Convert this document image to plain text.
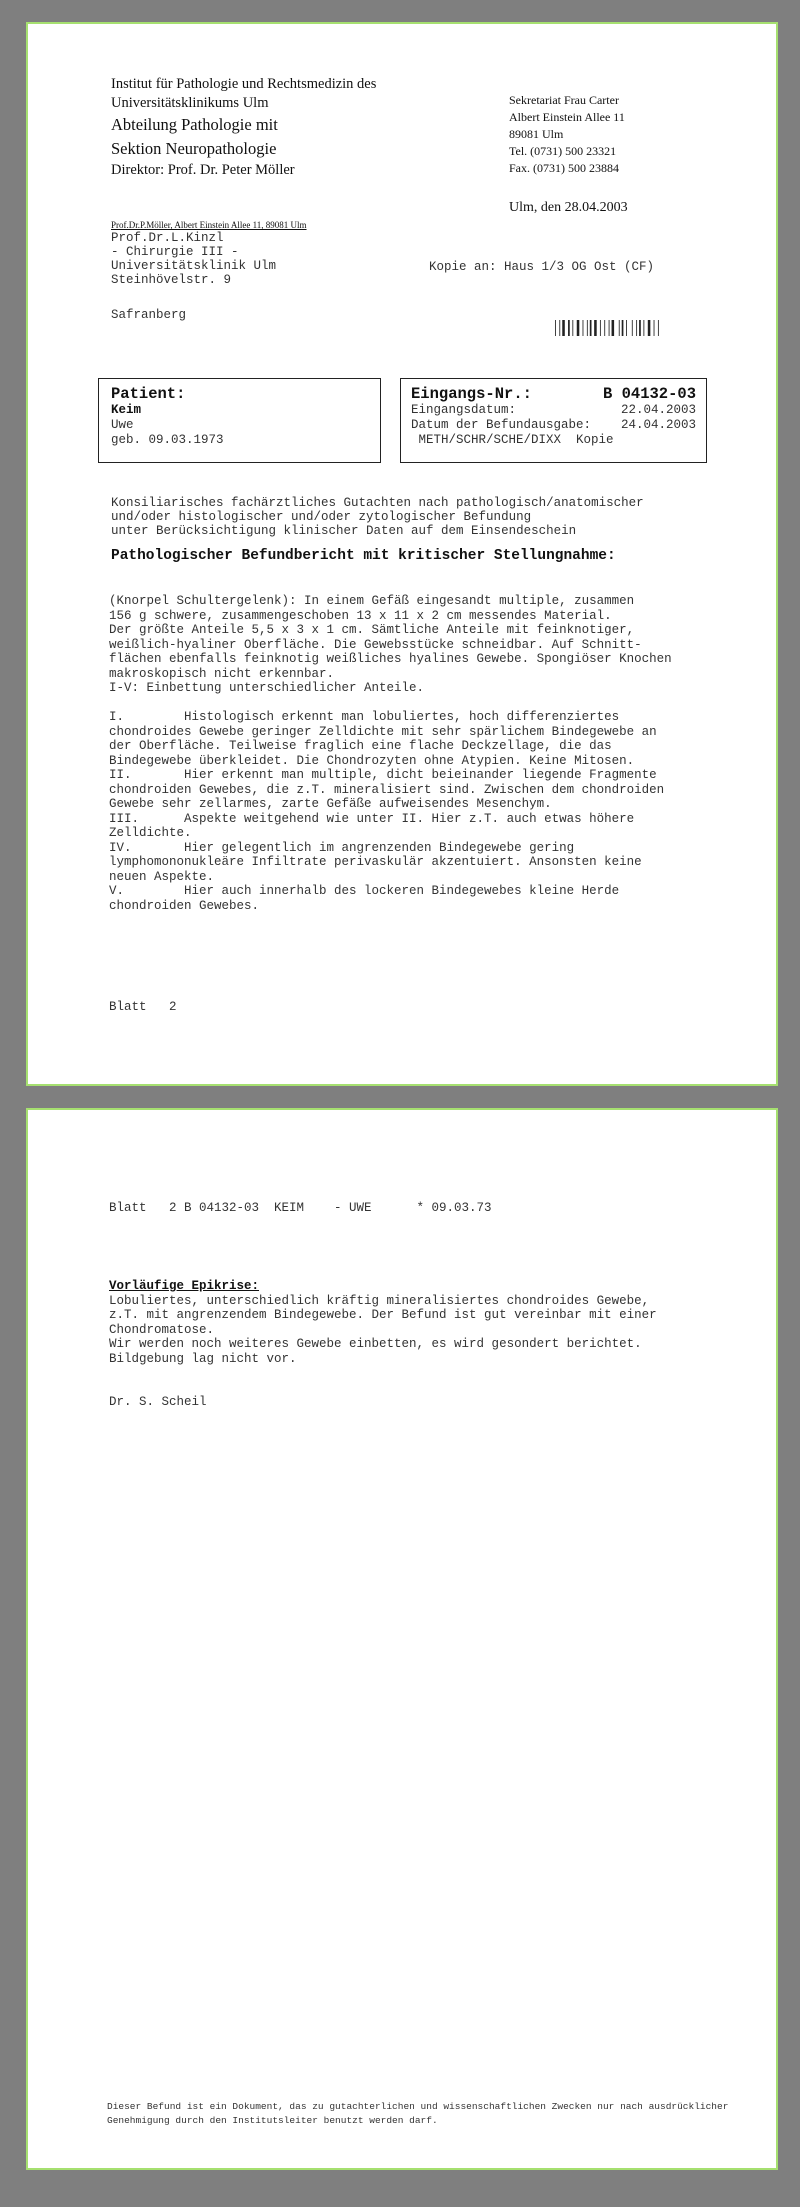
Institut für Pathologie und Rechtsmedizin des
Universitätsklinikums Ulm
Abteilung Pathologie mit
Sektion Neuropathologie
Direktor: Prof. Dr. Peter Möller
Sekretariat Frau Carter
Albert Einstein Allee 11
89081 Ulm
Tel. (0731) 500 23321
Fax. (0731) 500 23884
Ulm, den 28.04.2003
Prof.Dr.P.Möller, Albert Einstein Allee 11, 89081 Ulm
Prof.Dr.L.Kinzl
- Chirurgie III -
Universitätsklinik Ulm
Steinhövelstr. 9
Kopie an: Haus 1/3 OG Ost (CF)
Safranberg
Patient:
Keim
Uwe
geb. 09.03.1973
Eingangs-Nr.:	B 04132-03
Eingangsdatum:	22.04.2003
Datum der Befundausgabe: 24.04.2003
METH/SCHR/SCHE/DIXX  Kopie
Konsiliarisches fachärztliches Gutachten nach pathologisch/anatomischer
und/oder histologischer und/oder zytologischer Befundung
unter Berücksichtigung klinischer Daten auf dem Einsendeschein
Pathologischer Befundbericht mit kritischer Stellungnahme:
(Knorpel Schultergelenk): In einem Gefäß eingesandt multiple, zusammen
156 g schwere, zusammengeschoben 13 x 11 x 2 cm messendes Material.
Der größte Anteile 5,5 x 3 x 1 cm. Sämtliche Anteile mit feinknotiger,
weißlich-hyaliner Oberfläche. Die Gewebsstücke schneidbar. Auf Schnitt-
flächen ebenfalls feinknotig weißliches hyalines Gewebe. Spongiöser Knochen
makroskopisch nicht erkennbar.
I-V: Einbettung unterschiedlicher Anteile.

I.        Histologisch erkennt man lobuliertes, hoch differenziertes
chondroides Gewebe geringer Zelldichte mit sehr spärlichem Bindegewebe an
der Oberfläche. Teilweise fraglich eine flache Deckzellage, die das
Bindegewebe überkleidet. Die Chondrozyten ohne Atypien. Keine Mitosen.
II.       Hier erkennt man multiple, dicht beieinander liegende Fragmente
chondroiden Gewebes, die z.T. mineralisiert sind. Zwischen dem chondroiden
Gewebe sehr zellarmes, zarte Gefäße aufweisendes Mesenchym.
III.      Aspekte weitgehend wie unter II. Hier z.T. auch etwas höhere
Zelldichte.
IV.       Hier gelegentlich im angrenzenden Bindegewebe gering
lymphomononukleäre Infiltrate perivaskulär akzentuiert. Ansonsten keine
neuen Aspekte.
V.        Hier auch innerhalb des lockeren Bindegewebes kleine Herde
chondroiden Gewebes.
Blatt   2
Blatt   2 B 04132-03  KEIM    - UWE      * 09.03.73
Vorläufige Epikrise:
Lobuliertes, unterschiedlich kräftig mineralisiertes chondroides Gewebe,
z.T. mit angrenzendem Bindegewebe. Der Befund ist gut vereinbar mit einer
Chondromatose.
Wir werden noch weiteres Gewebe einbetten, es wird gesondert berichtet.
Bildgebung lag nicht vor.
Dr. S. Scheil
Dieser Befund ist ein Dokument, das zu gutachterlichen und wissenschaftlichen Zwecken nur nach ausdrücklicher
Genehmigung durch den Institutsleiter benutzt werden darf.
